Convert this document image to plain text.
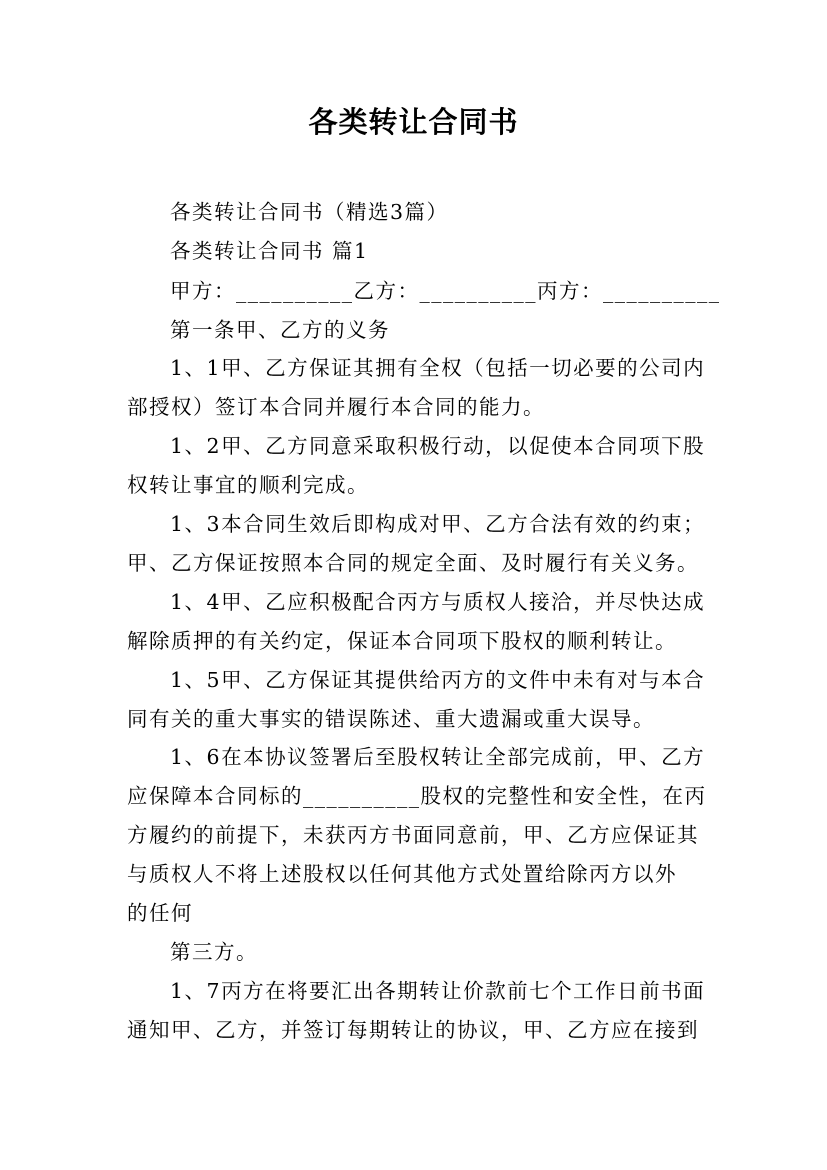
各类转让合同书
各类转让合同书（精选3篇）
各类转让合同书 篇1
甲方：__________乙方：__________丙方：__________
第一条甲、乙方的义务
1、1甲、乙方保证其拥有全权（包括一切必要的公司内
部授权）签订本合同并履行本合同的能力。
1、2甲、乙方同意采取积极行动，以促使本合同项下股
权转让事宜的顺利完成。
1、3本合同生效后即构成对甲、乙方合法有效的约束；
甲、乙方保证按照本合同的规定全面、及时履行有关义务。
1、4甲、乙应积极配合丙方与质权人接洽，并尽快达成
解除质押的有关约定，保证本合同项下股权的顺利转让。
1、5甲、乙方保证其提供给丙方的文件中未有对与本合
同有关的重大事实的错误陈述、重大遗漏或重大误导。
1、6在本协议签署后至股权转让全部完成前，甲、乙方
应保障本合同标的__________股权的完整性和安全性，在丙
方履约的前提下，未获丙方书面同意前，甲、乙方应保证其
与质权人不将上述股权以任何其他方式处置给除丙方以外
的任何
第三方。
1、7丙方在将要汇出各期转让价款前七个工作日前书面
通知甲、乙方，并签订每期转让的协议，甲、乙方应在接到
